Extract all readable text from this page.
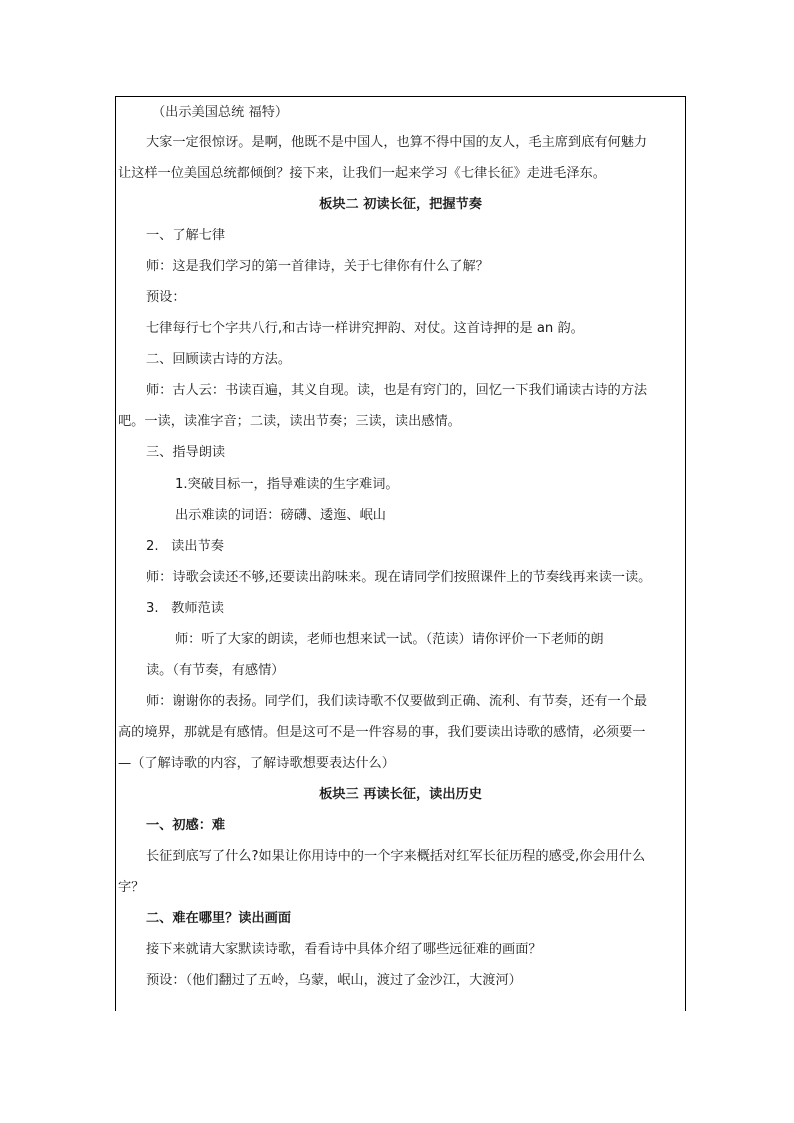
（出示美国总统 福特）
大家一定很惊讶。是啊，他既不是中国人，也算不得中国的友人，毛主席到底有何魅力
让这样一位美国总统都倾倒？接下来，让我们一起来学习《七律长征》走进毛泽东。
板块二 初读长征，把握节奏
一、了解七律
师：这是我们学习的第一首律诗，关于七律你有什么了解？
预设：
七律每行七个字共八行,和古诗一样讲究押韵、对仗。这首诗押的是 an 韵。
二、回顾读古诗的方法。
师：古人云：书读百遍，其义自现。读，也是有窍门的，回忆一下我们诵读古诗的方法
吧。一读，读准字音；二读，读出节奏；三读，读出感情。
三、指导朗读
1.突破目标一，指导难读的生字难词。
出示难读的词语：磅礴、逶迤、岷山
2.   读出节奏
师：诗歌会读还不够,还要读出韵味来。现在请同学们按照课件上的节奏线再来读一读。
3.   教师范读
师：听了大家的朗读，老师也想来试一试。（范读）请你评价一下老师的朗
读。（有节奏，有感情）
师：谢谢你的表扬。同学们，我们读诗歌不仅要做到正确、流利、有节奏，还有一个最
高的境界，那就是有感情。但是这可不是一件容易的事，我们要读出诗歌的感情，必须要一
—（了解诗歌的内容，了解诗歌想要表达什么）
板块三 再读长征，读出历史
一、初感：难
长征到底写了什么?如果让你用诗中的一个字来概括对红军长征历程的感受,你会用什么
字？
二、难在哪里？读出画面
接下来就请大家默读诗歌，看看诗中具体介绍了哪些远征难的画面？
预设：（他们翻过了五岭，乌蒙，岷山，渡过了金沙江，大渡河）
